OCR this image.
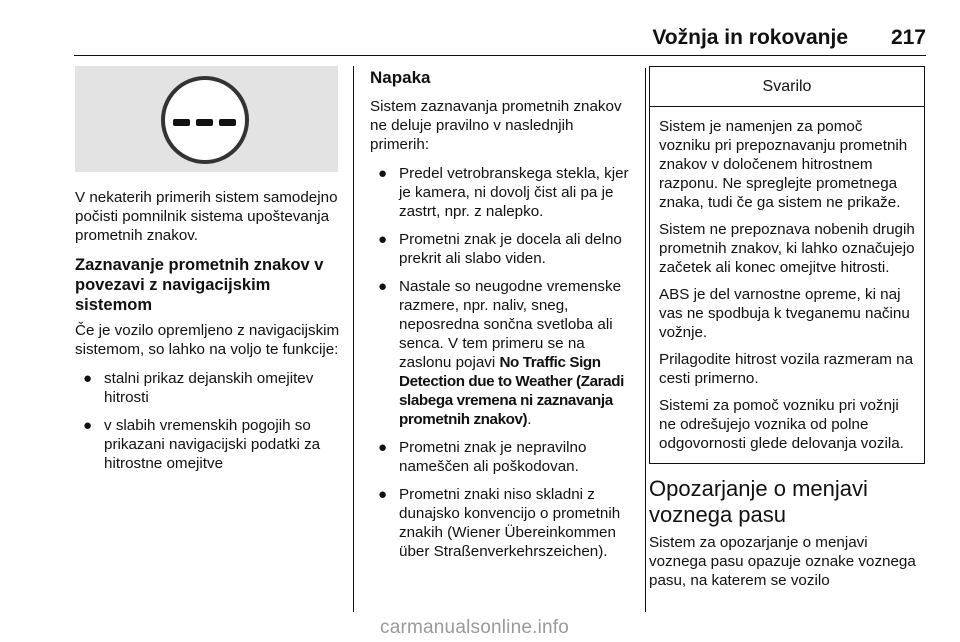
Vožnja in rokovanje 217

V nekaterih primerih sistem samodejno počisti pomnilnik sistema upoštevanja prometnih znakov.

Zaznavanje prometnih znakov v povezavi z navigacijskim sistemom

Če je vozilo opremljeno z navigacijskim sistemom, so lahko na voljo te funkcije:

● stalni prikaz dejanskih omejitev hitrosti
● v slabih vremenskih pogojih so prikazani navigacijski podatki za hitrostne omejitve
Napaka

Sistem zaznavanja prometnih znakov ne deluje pravilno v naslednjih primerih:

● Predel vetrobranskega stekla, kjer je kamera, ni dovolj čist ali pa je zastrt, npr. z nalepko.
● Prometni znak je docela ali delno prekrit ali slabo viden.
● Nastale so neugodne vremenske razmere, npr. naliv, sneg, neposredna sončna svetloba ali senca. V tem primeru se na zaslonu pojavi No Traffic Sign Detection due to Weather (Zaradi slabega vremena ni zaznavanja prometnih znakov).
● Prometni znak je nepravilno nameščen ali poškodovan.
● Prometni znaki niso skladni z dunajsko konvencijo o prometnih znakih (Wiener Übereinkommen über Straßenverkehrszeichen).
Svarilo

Sistem je namenjen za pomoč vozniku pri prepoznavanju prometnih znakov v določenem hitrostnem razponu. Ne spreglejte prometnega znaka, tudi če ga sistem ne prikaže.

Sistem ne prepoznava nobenih drugih prometnih znakov, ki lahko označujejo začetek ali konec omejitve hitrosti.

ABS je del varnostne opreme, ki naj vas ne spodbuja k tveganemu načinu vožnje.

Prilagodite hitrost vozila razmeram na cesti primerno.

Sistemi za pomoč vozniku pri vožnji ne odrešujejo voznika od polne odgovornosti glede delovanja vozila.

Opozarjanje o menjavi voznega pasu

Sistem za opozarjanje o menjavi voznega pasu opazuje oznake voznega pasu, na katerem se vozilo

carmanualsonline.info
